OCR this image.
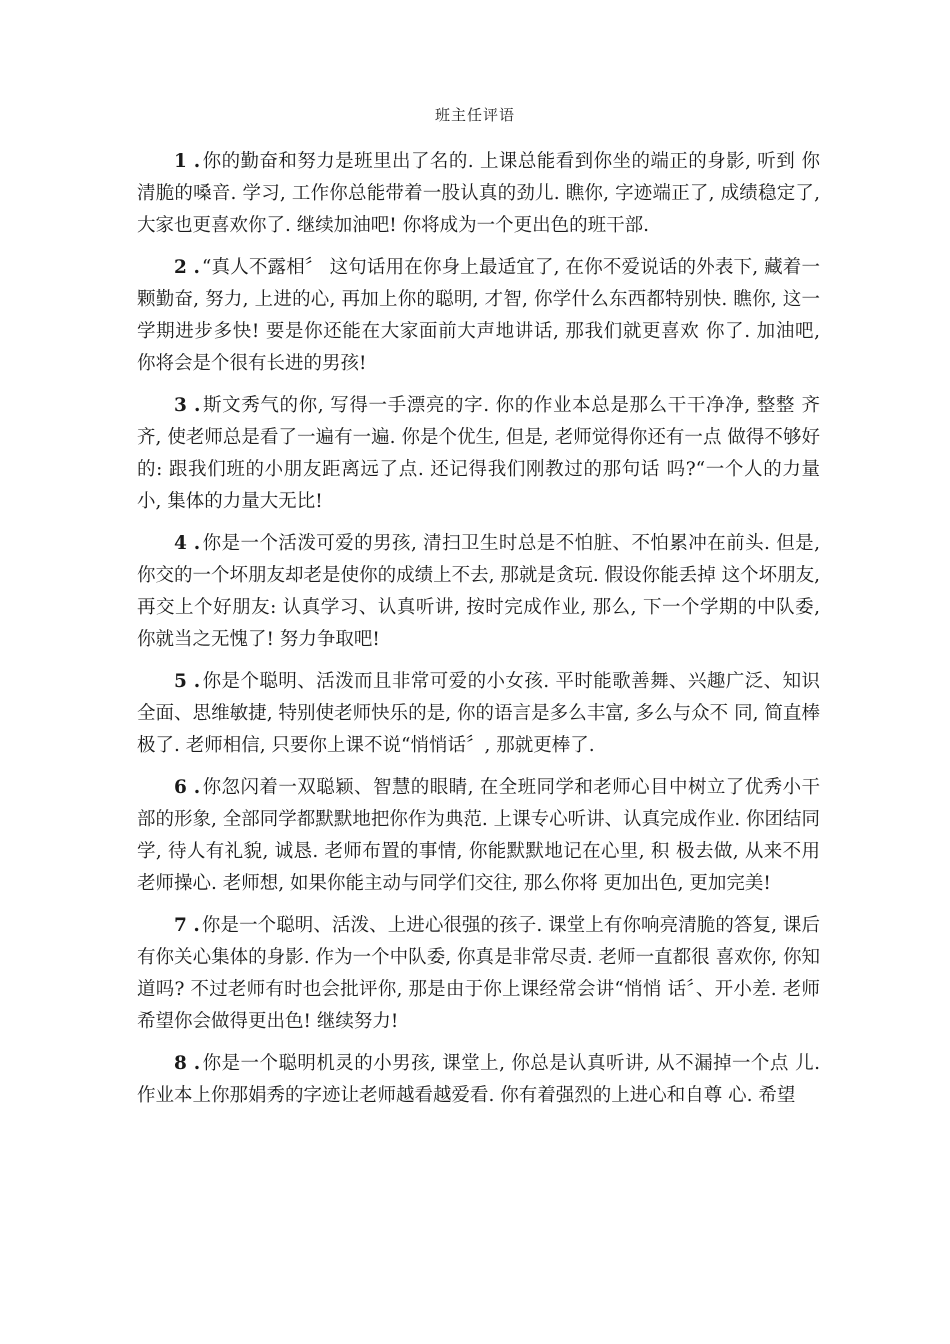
班主任评语

1 . 你的勤奋和努力是班里出了名的. 上课总能看到你坐的端正的身影, 听到 你清脆的嗓音. 学习, 工作你总能带着一股认真的劲儿. 瞧你, 字迹端正了, 成绩稳定了, 大家也更喜欢你了. 继续加油吧! 你将成为一个更出色的班干部.

2 . “真人不露相〞 这句话用在你身上最适宜了, 在你不爱说话的外表下, 藏着一颗勤奋, 努力, 上进的心, 再加上你的聪明, 才智, 你学什么东西都特别快. 瞧你, 这一学期进步多快! 要是你还能在大家面前大声地讲话, 那我们就更喜欢 你了. 加油吧, 你将会是个很有长进的男孩!

3 . 斯文秀气的你, 写得一手漂亮的字. 你的作业本总是那么干干净净, 整整 齐齐, 使老师总是看了一遍有一遍. 你是个优生, 但是, 老师觉得你还有一点 做得不够好的: 跟我们班的小朋友距离远了点. 还记得我们刚教过的那句话 吗?“一个人的力量小, 集体的力量大无比!

4 . 你是一个活泼可爱的男孩, 清扫卫生时总是不怕脏、不怕累冲在前头. 但是, 你交的一个坏朋友却老是使你的成绩上不去, 那就是贪玩. 假设你能丢掉 这个坏朋友, 再交上个好朋友: 认真学习、认真听讲, 按时完成作业, 那么, 下一个学期的中队委, 你就当之无愧了! 努力争取吧!

5 . 你是个聪明、活泼而且非常可爱的小女孩. 平时能歌善舞、兴趣广泛、知识全面、思维敏捷, 特别使老师快乐的是, 你的语言是多么丰富, 多么与众不 同, 简直棒极了. 老师相信, 只要你上课不说“悄悄话〞, 那就更棒了.

6 . 你忽闪着一双聪颖、智慧的眼睛, 在全班同学和老师心目中树立了优秀小干部的形象, 全部同学都默默地把你作为典范. 上课专心听讲、认真完成作业. 你团结同学, 待人有礼貌, 诚恳. 老师布置的事情, 你能默默地记在心里, 积 极去做, 从来不用老师操心. 老师想, 如果你能主动与同学们交往, 那么你将 更加出色, 更加完美!

7 . 你是一个聪明、活泼、上进心很强的孩子. 课堂上有你响亮清脆的答复, 课后有你关心集体的身影. 作为一个中队委, 你真是非常尽责. 老师一直都很 喜欢你, 你知道吗? 不过老师有时也会批评你, 那是由于你上课经常会讲“悄悄 话〞、开小差. 老师希望你会做得更出色! 继续努力!

8 . 你是一个聪明机灵的小男孩, 课堂上, 你总是认真听讲, 从不漏掉一个点 儿. 作业本上你那娟秀的字迹让老师越看越爱看. 你有着强烈的上进心和自尊 心. 希望
